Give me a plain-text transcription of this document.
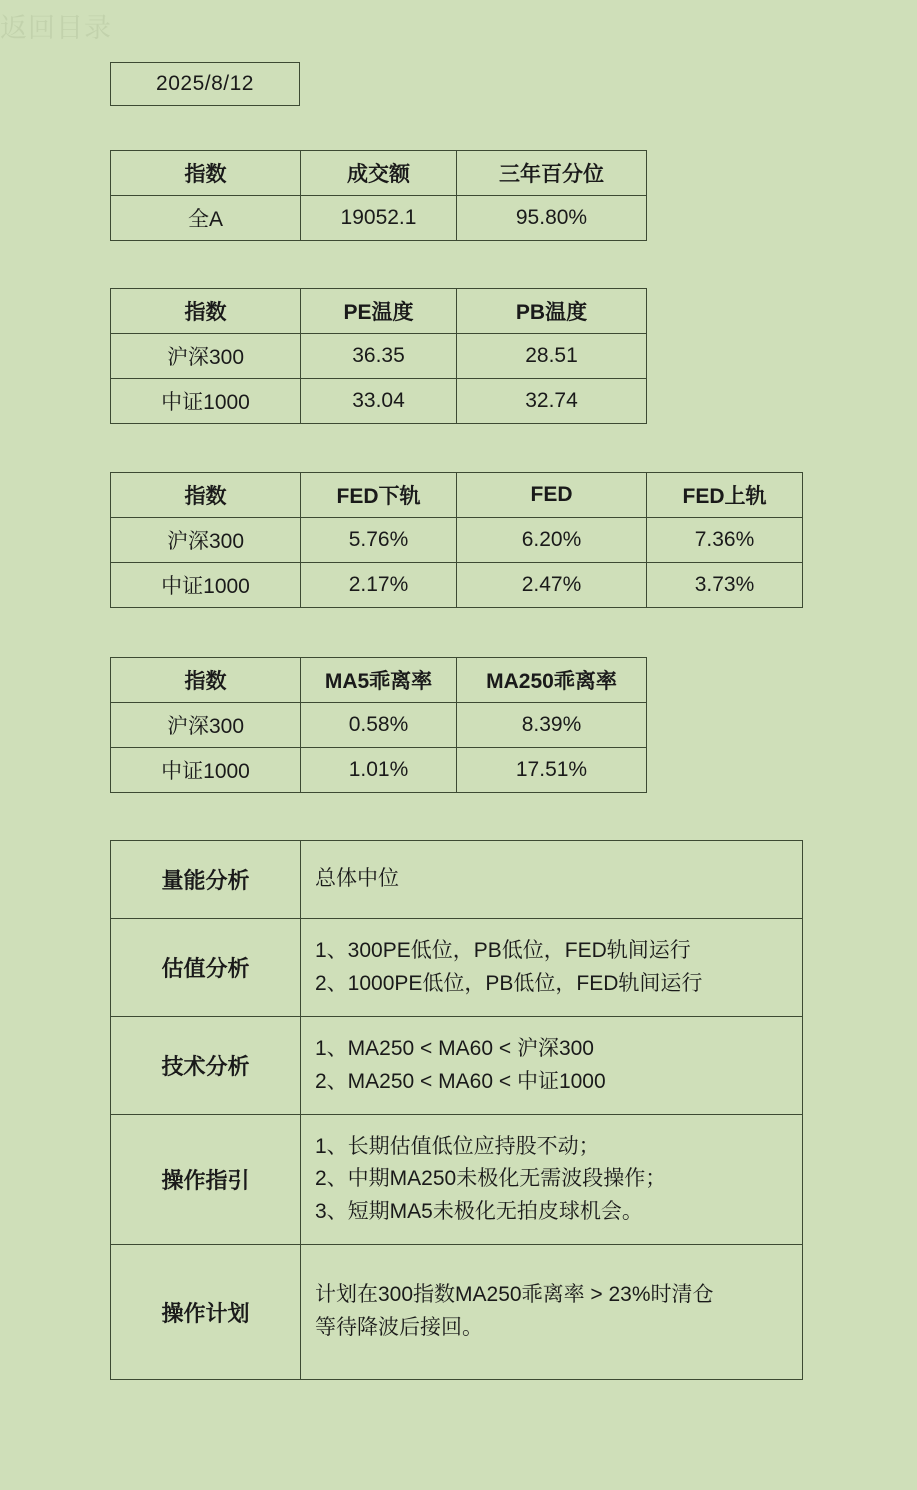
返回目录
2025/8/12
指数	成交额	三年百分位
全A	19052.1	95.80%
指数	PE温度	PB温度
沪深300	36.35	28.51
中证1000	33.04	32.74
指数	FED下轨	FED	FED上轨
沪深300	5.76%	6.20%	7.36%
中证1000	2.17%	2.47%	3.73%
指数	MA5乖离率	MA250乖离率
沪深300	0.58%	8.39%
中证1000	1.01%	17.51%
量能分析	总体中位

估值分析	1、300PE低位，PB低位，FED轨间运行
2、1000PE低位，PB低位，FED轨间运行

技术分析	1、MA250 < MA60 < 沪深300
2、MA250 < MA60 < 中证1000

操作指引	1、长期估值低位应持股不动；
2、中期MA250未极化无需波段操作；
3、短期MA5未极化无拍皮球机会。

操作计划	计划在300指数MA250乖离率 > 23%时清仓
等待降波后接回。
